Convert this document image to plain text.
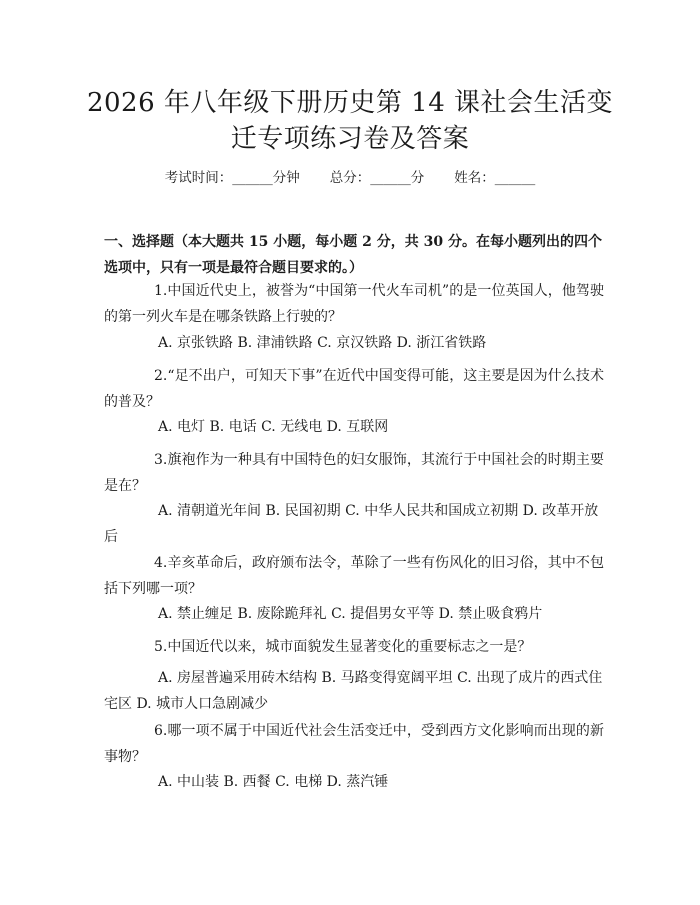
2026 年八年级下册历史第 14 课社会生活变
迁专项练习卷及答案
考试时间：______分钟 总分：______分 姓名：______

一、选择题（本大题共 15 小题，每小题 2 分，共 30 分。在每小题列出的四个选项中，只有一项是最符合题目要求的。）

1.中国近代史上，被誉为“中国第一代火车司机”的是一位英国人，他驾驶的第一列火车是在哪条铁路上行驶的？

A. 京张铁路 B. 津浦铁路 C. 京汉铁路 D. 浙江省铁路

2.“足不出户，可知天下事”在近代中国变得可能，这主要是因为什么技术的普及？

A. 电灯 B. 电话 C. 无线电 D. 互联网

3.旗袍作为一种具有中国特色的妇女服饰，其流行于中国社会的时期主要是在？

A. 清朝道光年间 B. 民国初期 C. 中华人民共和国成立初期 D. 改革开放后

4.辛亥革命后，政府颁布法令，革除了一些有伤风化的旧习俗，其中不包括下列哪一项？

A. 禁止缠足 B. 废除跪拜礼 C. 提倡男女平等 D. 禁止吸食鸦片

5.中国近代以来，城市面貌发生显著变化的重要标志之一是？

A. 房屋普遍采用砖木结构 B. 马路变得宽阔平坦 C. 出现了成片的西式住宅区 D. 城市人口急剧减少

6.哪一项不属于中国近代社会生活变迁中，受到西方文化影响而出现的新事物？

A. 中山装 B. 西餐 C. 电梯 D. 蒸汽锤
